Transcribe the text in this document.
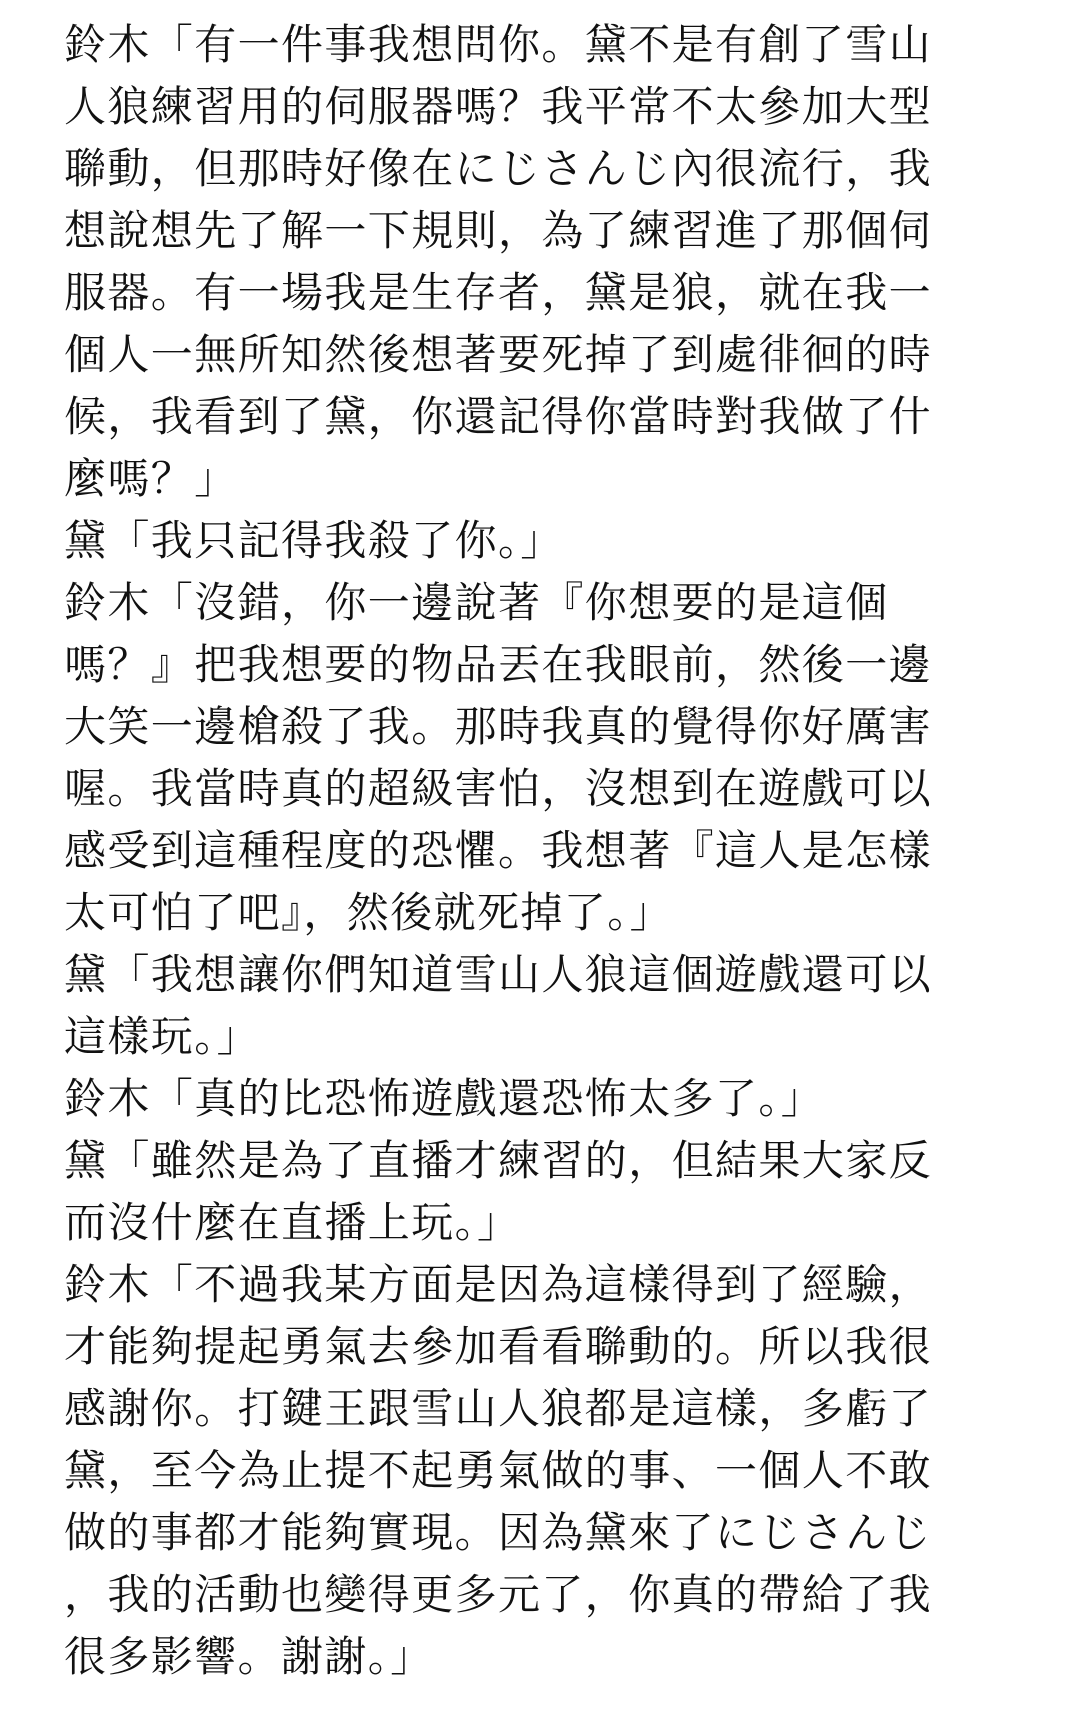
鈴木「有一件事我想問你。黛不是有創了雪山
人狼練習用的伺服器嗎？我平常不太參加大型
聯動，但那時好像在にじさんじ內很流行，我
想說想先了解一下規則，為了練習進了那個伺
服器。有一場我是生存者，黛是狼，就在我一
個人一無所知然後想著要死掉了到處徘徊的時
候，我看到了黛，你還記得你當時對我做了什
麼嗎？」
黛「我只記得我殺了你。」
鈴木「沒錯，你一邊說著『你想要的是這個
嗎？』把我想要的物品丟在我眼前，然後一邊
大笑一邊槍殺了我。那時我真的覺得你好厲害
喔。我當時真的超級害怕，沒想到在遊戲可以
感受到這種程度的恐懼。我想著『這人是怎樣
太可怕了吧』，然後就死掉了。」
黛「我想讓你們知道雪山人狼這個遊戲還可以
這樣玩。」
鈴木「真的比恐怖遊戲還恐怖太多了。」
黛「雖然是為了直播才練習的，但結果大家反
而沒什麼在直播上玩。」
鈴木「不過我某方面是因為這樣得到了經驗，
才能夠提起勇氣去參加看看聯動的。所以我很
感謝你。打鍵王跟雪山人狼都是這樣，多虧了
黛，至今為止提不起勇氣做的事、一個人不敢
做的事都才能夠實現。因為黛來了にじさんじ
，我的活動也變得更多元了，你真的帶給了我
很多影響。謝謝。」
